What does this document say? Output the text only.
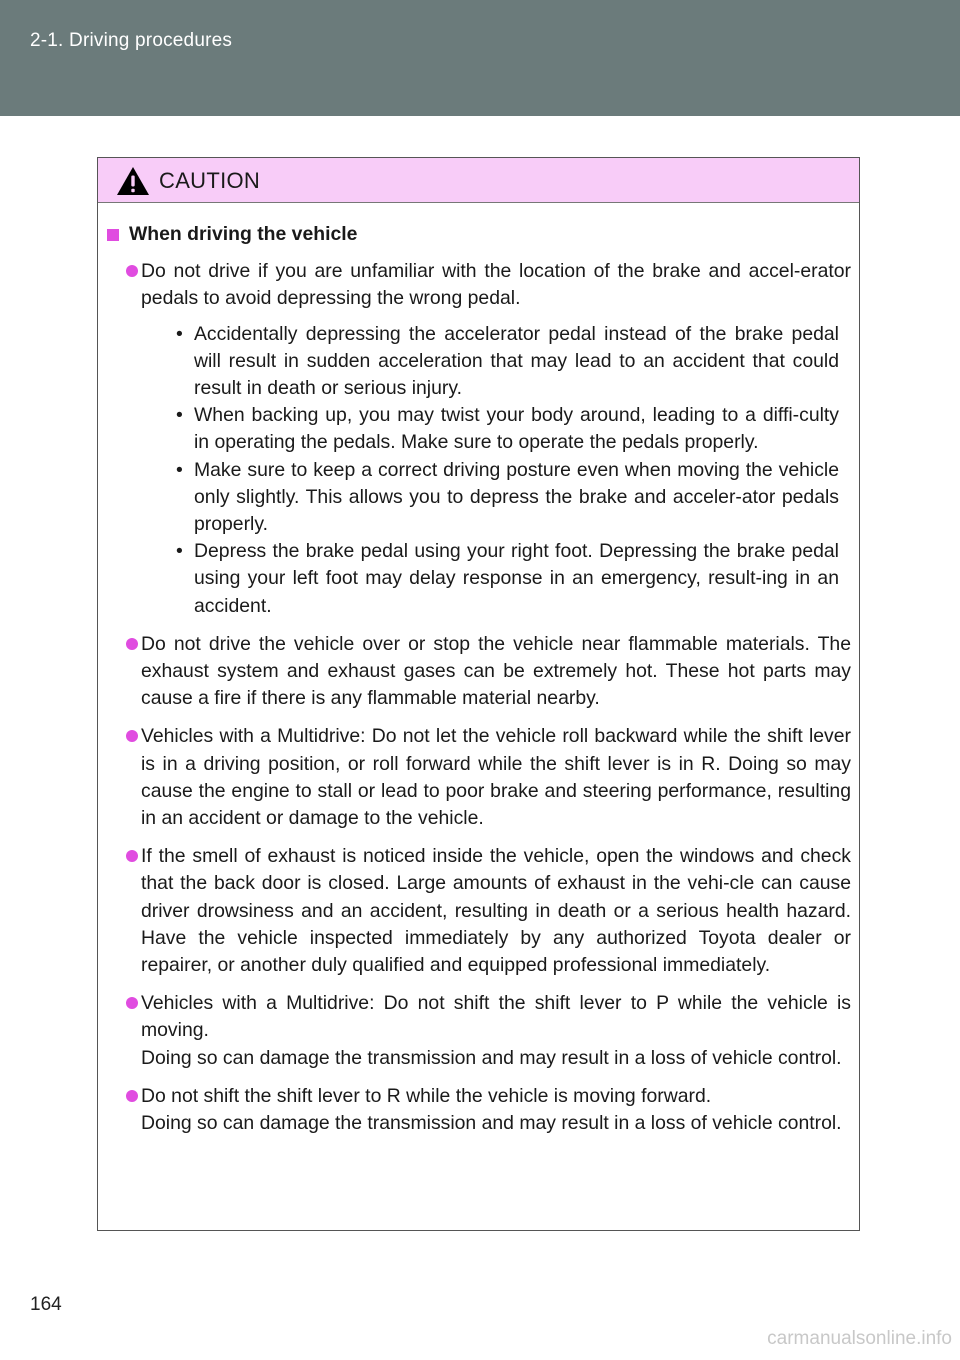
2-1. Driving procedures
CAUTION
When driving the vehicle

Do not drive if you are unfamiliar with the location of the brake and accel-erator pedals to avoid depressing the wrong pedal.

• Accidentally depressing the accelerator pedal instead of the brake pedal will result in sudden acceleration that may lead to an accident that could result in death or serious injury.
• When backing up, you may twist your body around, leading to a diffi-culty in operating the pedals. Make sure to operate the pedals properly.
• Make sure to keep a correct driving posture even when moving the vehicle only slightly. This allows you to depress the brake and acceler-ator pedals properly.
• Depress the brake pedal using your right foot. Depressing the brake pedal using your left foot may delay response in an emergency, result-ing in an accident.

Do not drive the vehicle over or stop the vehicle near flammable materials. The exhaust system and exhaust gases can be extremely hot. These hot parts may cause a fire if there is any flammable material nearby.

Vehicles with a Multidrive: Do not let the vehicle roll backward while the shift lever is in a driving position, or roll forward while the shift lever is in R. Doing so may cause the engine to stall or lead to poor brake and steering performance, resulting in an accident or damage to the vehicle.

If the smell of exhaust is noticed inside the vehicle, open the windows and check that the back door is closed. Large amounts of exhaust in the vehi-cle can cause driver drowsiness and an accident, resulting in death or a serious health hazard. Have the vehicle inspected immediately by any authorized Toyota dealer or repairer, or another duly qualified and equipped professional immediately.

Vehicles with a Multidrive: Do not shift the shift lever to P while the vehicle is moving.

Doing so can damage the transmission and may result in a loss of vehicle control.

Do not shift the shift lever to R while the vehicle is moving forward.

Doing so can damage the transmission and may result in a loss of vehicle control.

164
carmanualsonline.info
